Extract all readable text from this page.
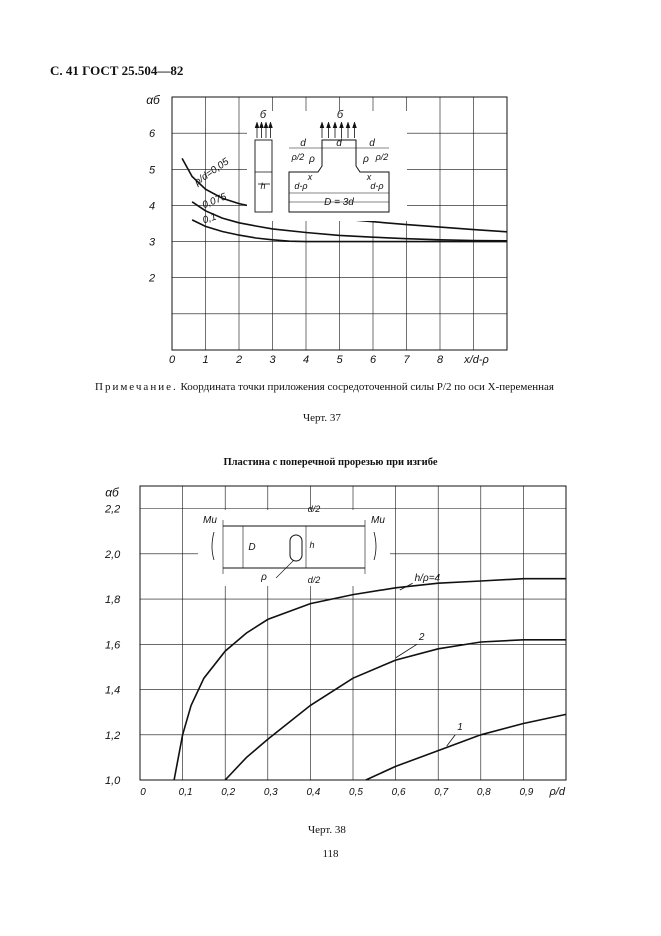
С. 41 ГОСТ 25.504—82
0 1 2 3 4 5 6 7 8
2
3
4
5
6
x/d-ρ
αб
ρ/d=0,05
0,075
0,1
б
h
б
d	d	d
ρ/2	ρ/2
ρ	ρ
x	x
d-ρ	d-ρ
D = 3d
0	0,1	0,2	0,3	0,4	0,5	0,6	0,7	0,8	0,9
1,0
1,2
1,4
1,6
1,8
2,0
2,2
ρ/d
αб
h/ρ=4
2
1
Mu	Mu
D	h
ρ
d/2
d/2
Примечание. Координата точки приложения сосредоточенной силы P/2 по оси X-переменная
Черт. 37
Пластина с поперечной прорезью при изгибе
Черт. 38
118
